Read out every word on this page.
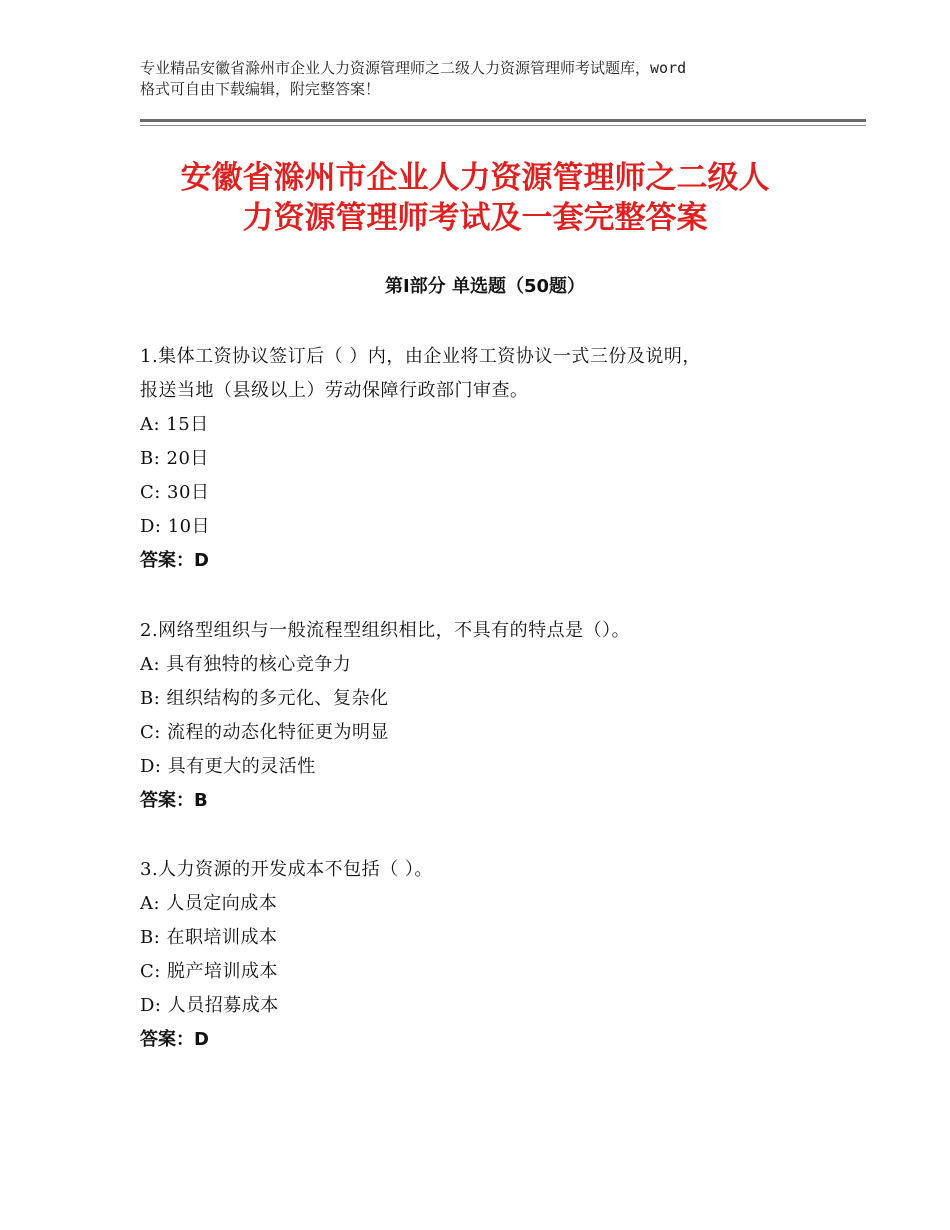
专业精品安徽省滁州市企业人力资源管理师之二级人力资源管理师考试题库，word
格式可自由下载编辑，附完整答案！
安徽省滁州市企业人力资源管理师之二级人
力资源管理师考试及一套完整答案
第Ⅰ部分 单选题（50题）
1.集体工资协议签订后（ ）内，由企业将工资协议一式三份及说明，
报送当地（县级以上）劳动保障行政部门审查。
A: 15日
B: 20日
C: 30日
D: 10日
答案：D
2.网络型组织与一般流程型组织相比，不具有的特点是（）。
A: 具有独特的核心竞争力
B: 组织结构的多元化、复杂化
C: 流程的动态化特征更为明显
D: 具有更大的灵活性
答案：B
3.人力资源的开发成本不包括（ ）。
A: 人员定向成本
B: 在职培训成本
C: 脱产培训成本
D: 人员招募成本
答案：D
